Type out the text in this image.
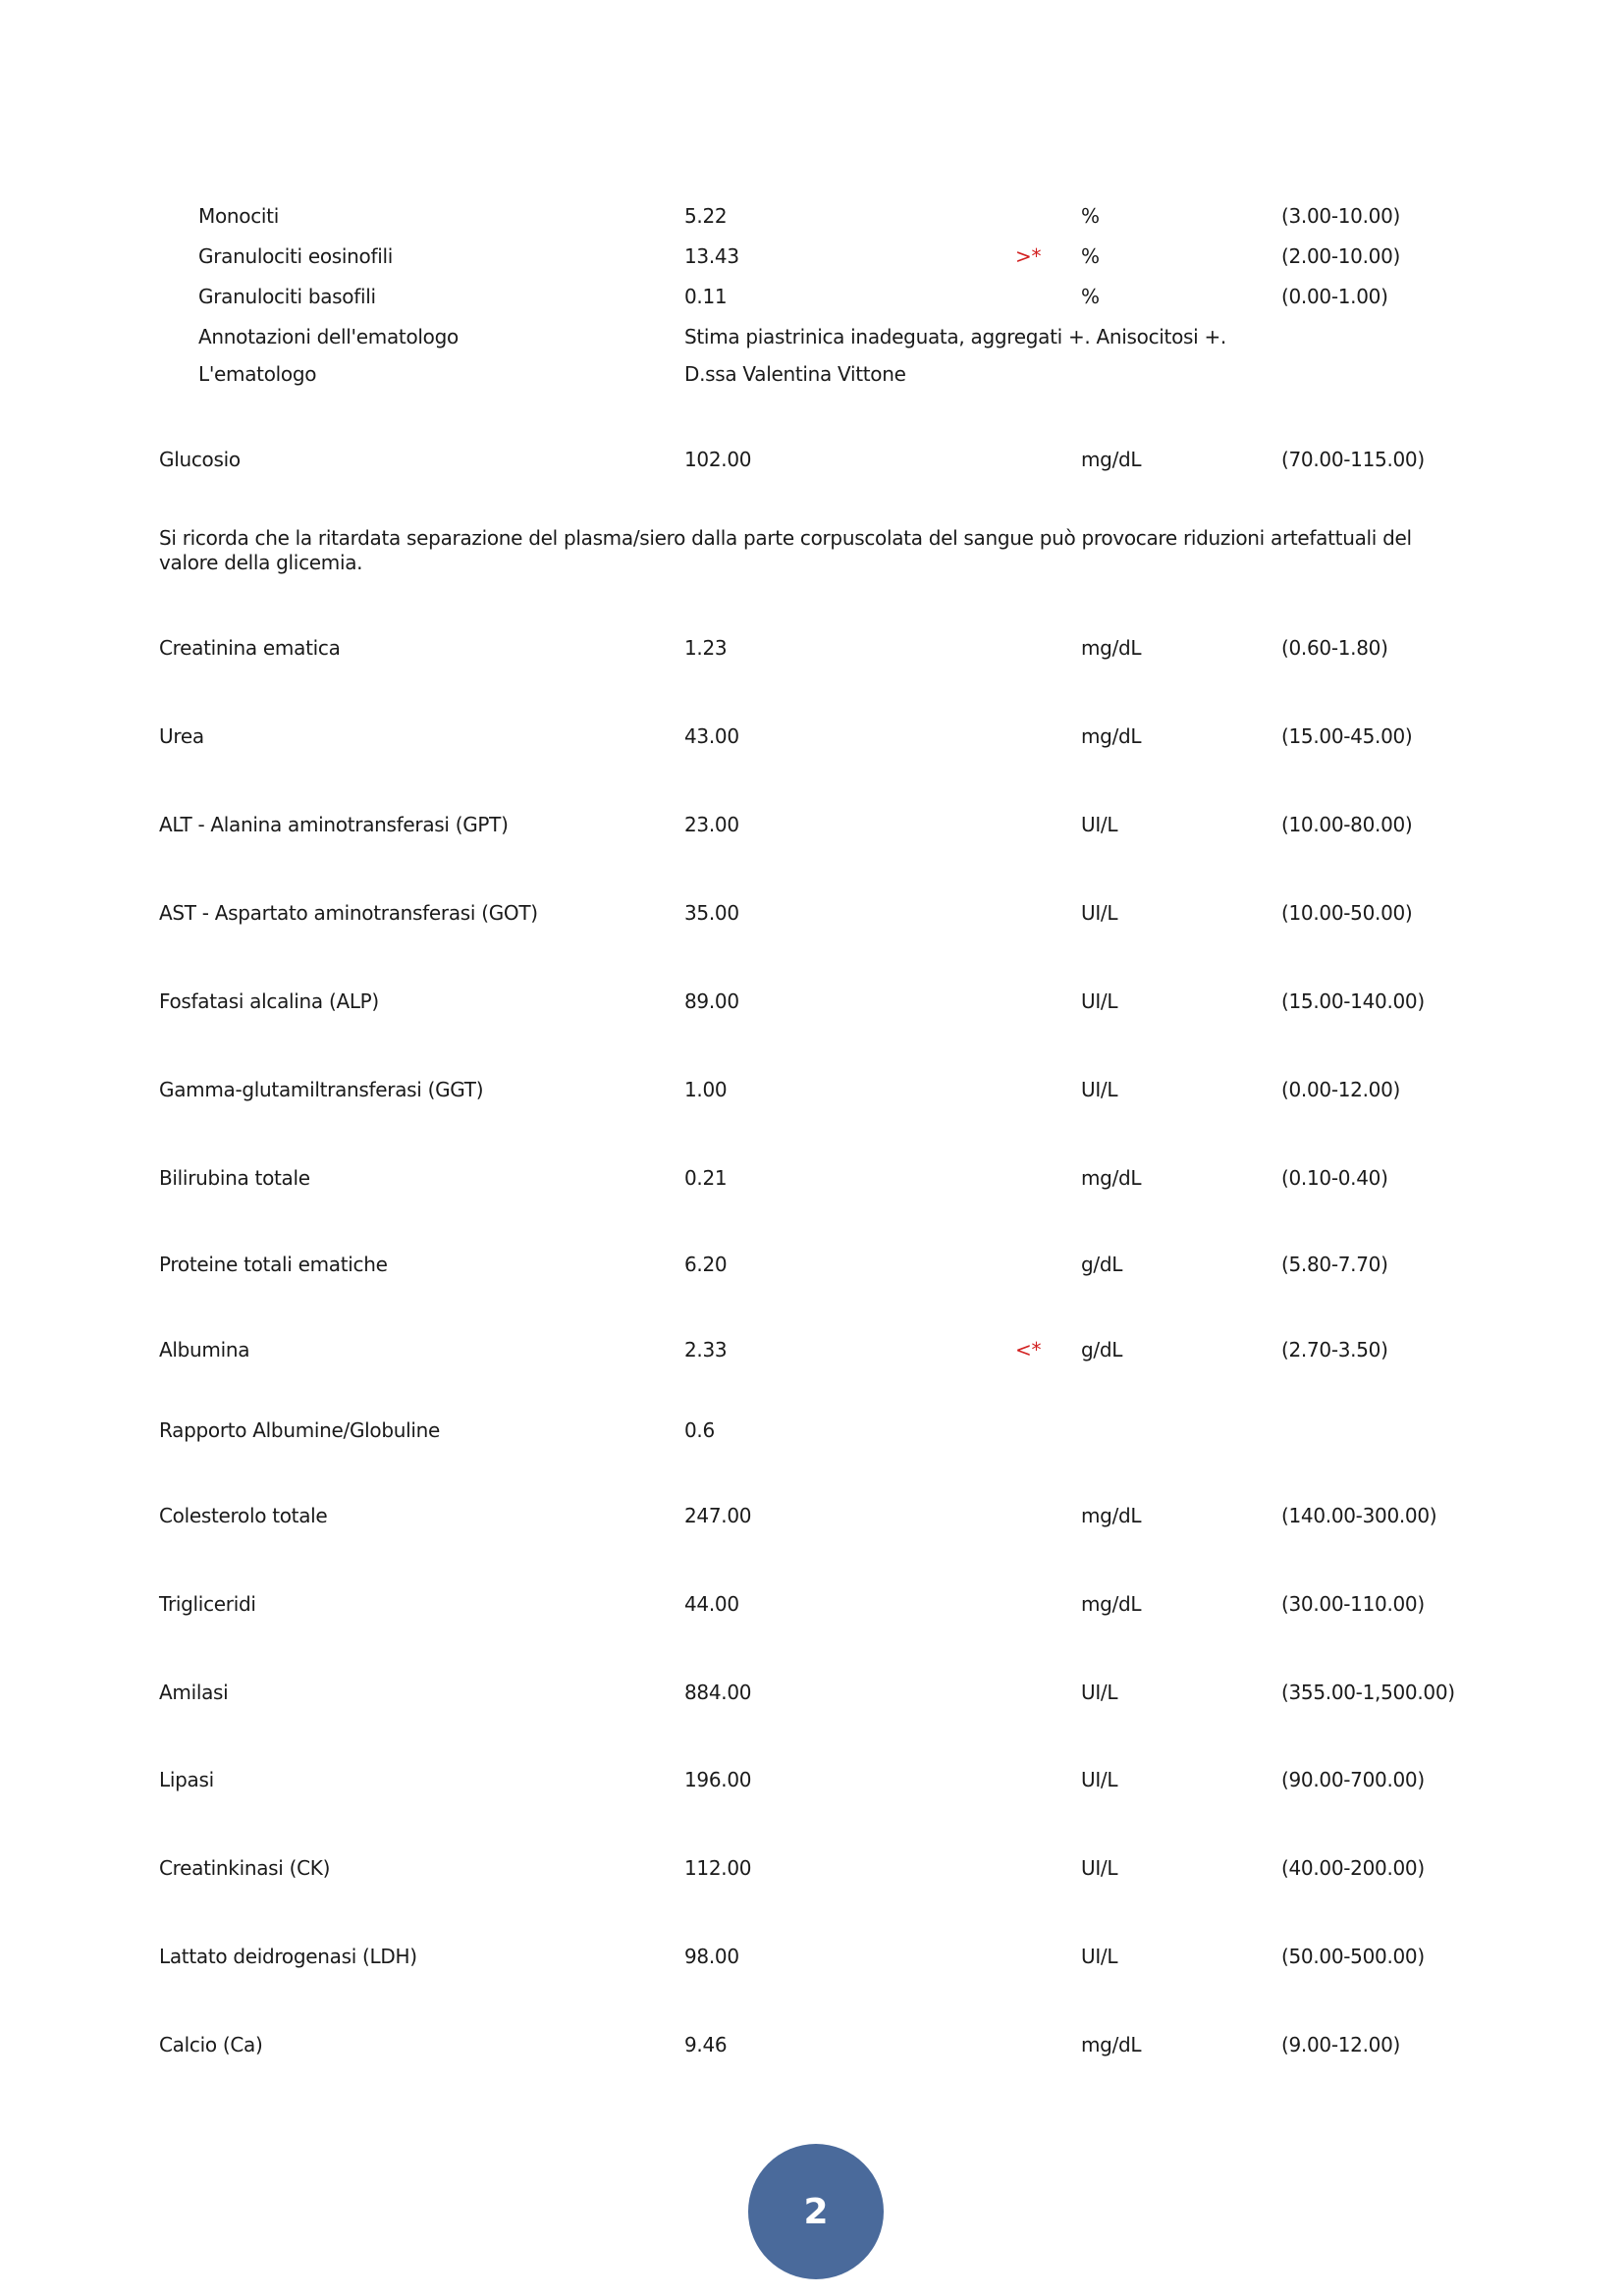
Monociti	5.22	%	(3.00-10.00)
Granulociti eosinofili	13.43	>* %	(2.00-10.00)
Granulociti basofili	0.11	%	(0.00-1.00)
Annotazioni dell'ematologo	Stima piastrinica inadeguata, aggregati +. Anisocitosi +.
L'ematologo	D.ssa Valentina Vittone
Glucosio	102.00	mg/dL	(70.00-115.00)
Si ricorda che la ritardata separazione del plasma/siero dalla parte corpuscolata del sangue può provocare riduzioni artefattuali del valore della glicemia.
Creatinina ematica	1.23	mg/dL	(0.60-1.80)
Urea	43.00	mg/dL	(15.00-45.00)
ALT - Alanina aminotransferasi (GPT)	23.00	UI/L	(10.00-80.00)
AST - Aspartato aminotransferasi (GOT)	35.00	UI/L	(10.00-50.00)
Fosfatasi alcalina (ALP)	89.00	UI/L	(15.00-140.00)
Gamma-glutamiltransferasi (GGT)	1.00	UI/L	(0.00-12.00)
Bilirubina totale	0.21	mg/dL	(0.10-0.40)
Proteine totali ematiche	6.20	g/dL	(5.80-7.70)
Albumina	2.33	<* g/dL	(2.70-3.50)
Rapporto Albumine/Globuline	0.6
Colesterolo totale	247.00	mg/dL	(140.00-300.00)
Trigliceridi	44.00	mg/dL	(30.00-110.00)
Amilasi	884.00	UI/L	(355.00-1,500.00)
Lipasi	196.00	UI/L	(90.00-700.00)
Creatinkinasi (CK)	112.00	UI/L	(40.00-200.00)
Lattato deidrogenasi (LDH)	98.00	UI/L	(50.00-500.00)
Calcio (Ca)	9.46	mg/dL	(9.00-12.00)
2
